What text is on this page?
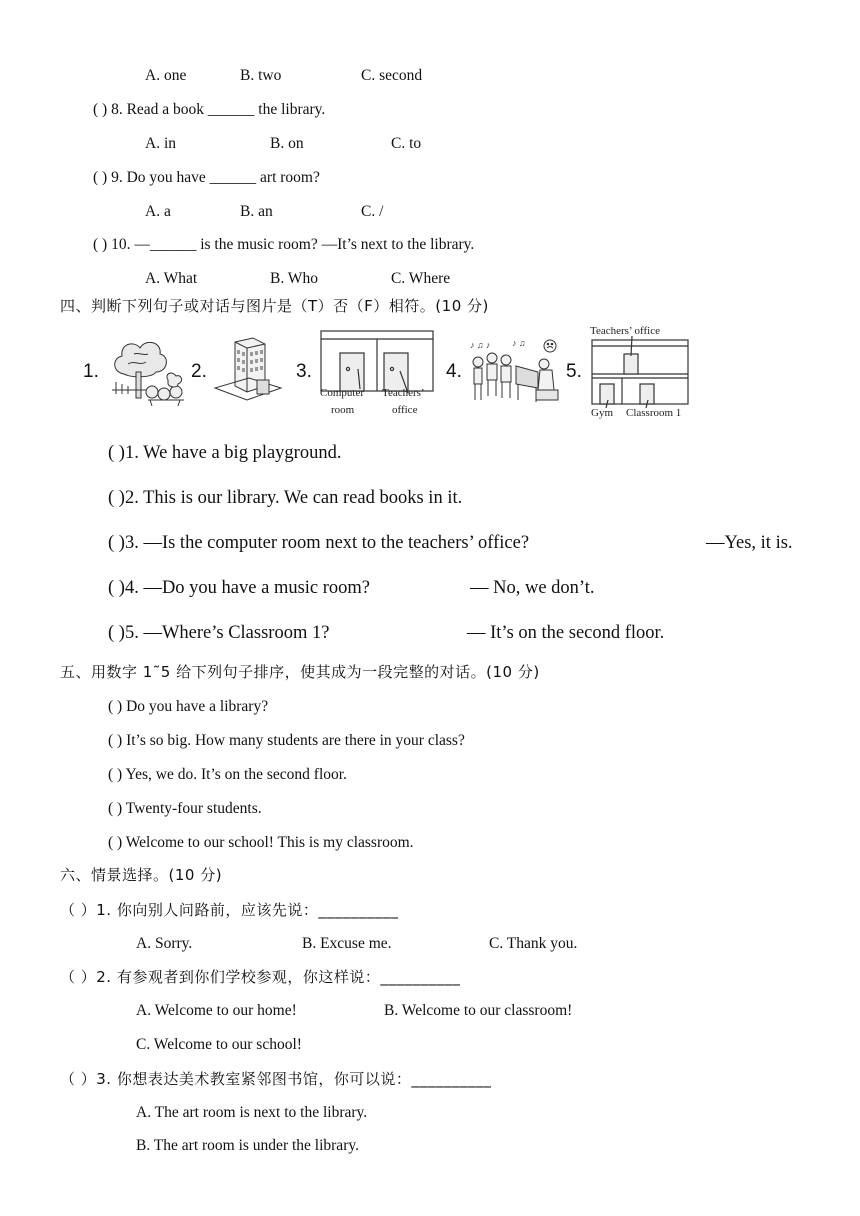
A. one	B. two	C. second
( ) 8. Read a book ______ the library.
A. in	B. on	C. to
( ) 9. Do you have ______ art room?
A. a	B. an	C. /
( ) 10. —______ is the music room? —It’s next to the library.
A. What	B. Who	C. Where
四、判断下列句子或对话与图片是（T）否（F）相符。(10 分)
1.	2.	3.	4.	5.
Computer
room
Teachers’
office
♪ ♫ ♪ ♪ ♫
Teachers’ office
Gym Classroom 1
( )1. We have a big playground.
( )2. This is our library. We can read books in it.
( )3. —Is the computer room next to the teachers’ office?	—Yes, it is.
( )4. —Do you have a music room?	— No, we don’t.
( )5. —Where’s Classroom 1?	— It’s on the second floor.
五、用数字 1˜5 给下列句子排序，使其成为一段完整的对话。(10 分)
( ) Do you have a library?
( ) It’s so big. How many students are there in your class?
( ) Yes, we do. It’s on the second floor.
( ) Twenty-four students.
( ) Welcome to our school! This is my classroom.
六、情景选择。(10 分)
（ ）1. 你向别人问路前，应该先说：__________
A. Sorry.	B. Excuse me.	C. Thank you.
（ ）2. 有参观者到你们学校参观，你这样说：__________
A. Welcome to our home!	B. Welcome to our classroom!
C. Welcome to our school!
（ ）3. 你想表达美术教室紧邻图书馆，你可以说：__________
A. The art room is next to the library.
B. The art room is under the library.
